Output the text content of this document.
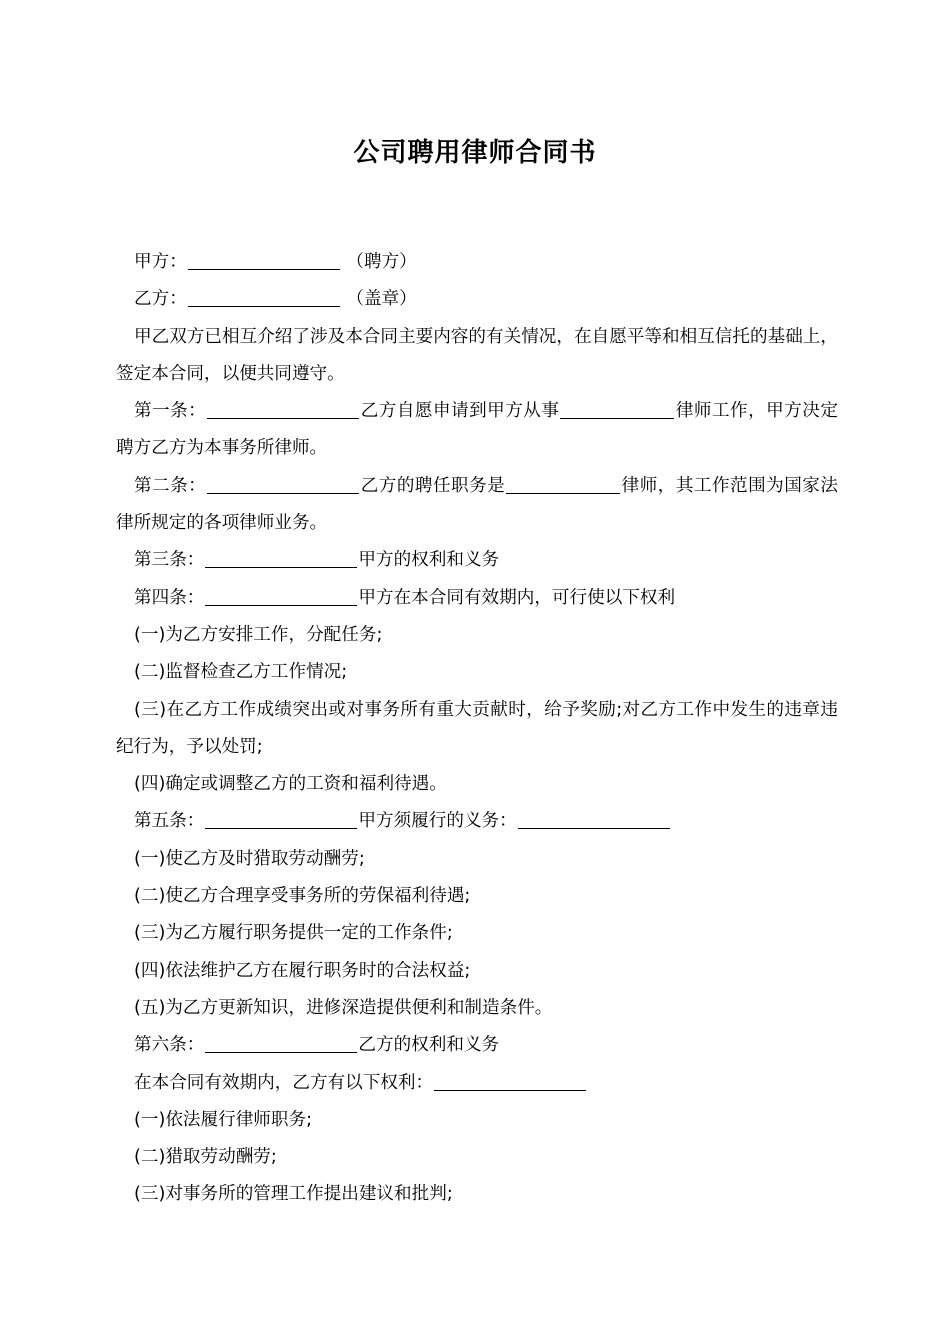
公司聘用律师合同书

甲方：	（聘方）

乙方：	（盖章）

甲乙双方已相互介绍了涉及本合同主要内容的有关情况，在自愿平等和相互信托的基础上，签定本合同，以便共同遵守。

第一条：	乙方自愿申请到甲方从事	律师工作，甲方决定聘方乙方为本事务所律师。

第二条：	乙方的聘任职务是	律师，其工作范围为国家法律所规定的各项律师业务。

第三条：	甲方的权利和义务

第四条：	甲方在本合同有效期内，可行使以下权利

(一)为乙方安排工作，分配任务;

(二)监督检查乙方工作情况;

(三)在乙方工作成绩突出或对事务所有重大贡献时，给予奖励;对乙方工作中发生的违章违纪行为，予以处罚;

(四)确定或调整乙方的工资和福利待遇。

第五条：	甲方须履行的义务：

(一)使乙方及时猎取劳动酬劳;

(二)使乙方合理享受事务所的劳保福利待遇;

(三)为乙方履行职务提供一定的工作条件;

(四)依法维护乙方在履行职务时的合法权益;

(五)为乙方更新知识，进修深造提供便利和制造条件。

第六条：	乙方的权利和义务

在本合同有效期内，乙方有以下权利：

(一)依法履行律师职务;

(二)猎取劳动酬劳;

(三)对事务所的管理工作提出建议和批判;
